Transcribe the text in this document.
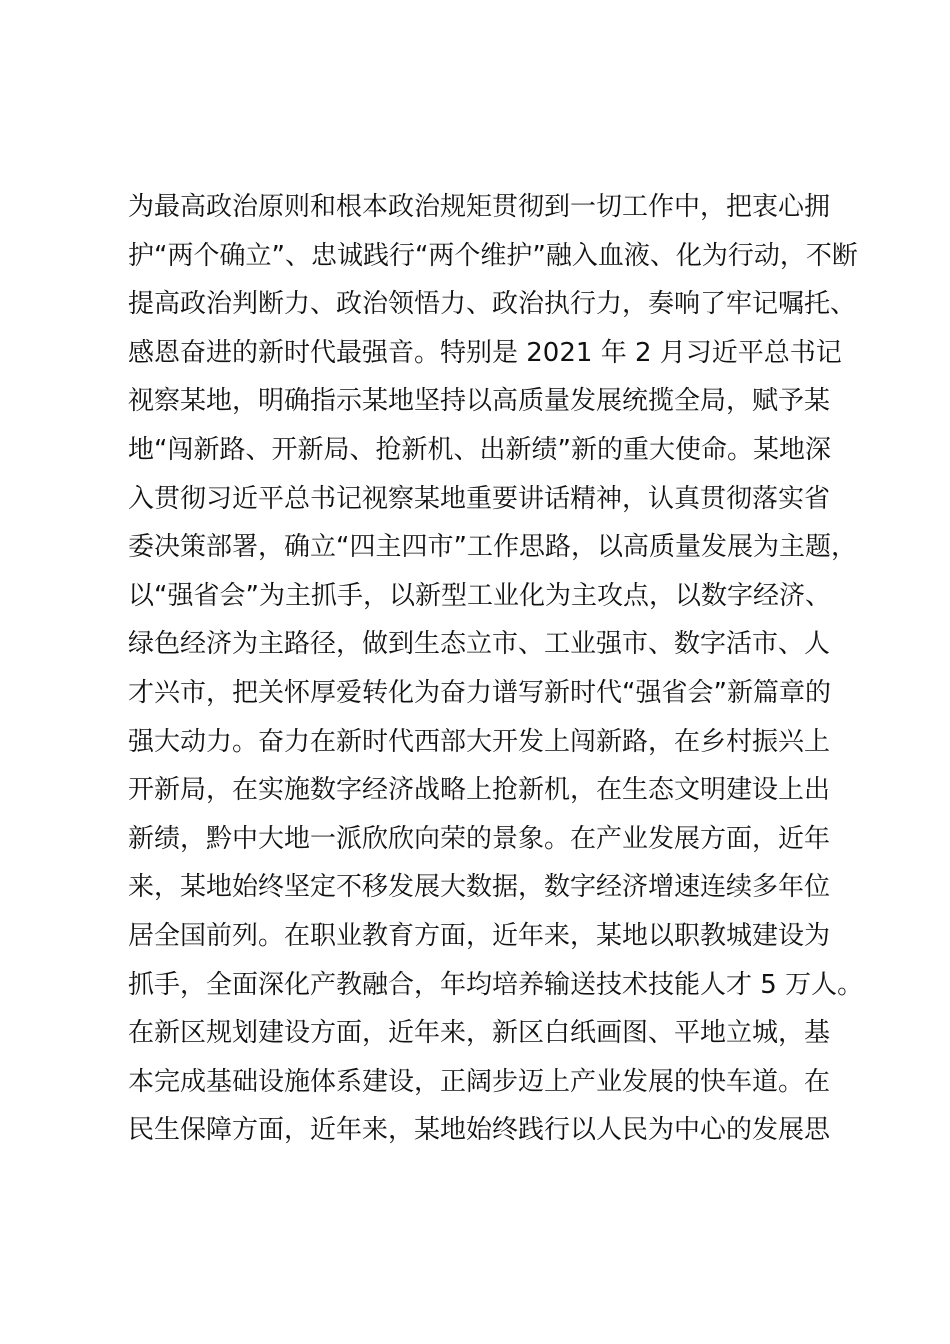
为最高政治原则和根本政治规矩贯彻到一切工作中，把衷心拥
护“两个确立”、忠诚践行“两个维护”融入血液、化为行动，不断
提高政治判断力、政治领悟力、政治执行力，奏响了牢记嘱托、
感恩奋进的新时代最强音。特别是 2021 年 2 月习近平总书记
视察某地，明确指示某地坚持以高质量发展统揽全局，赋予某
地“闯新路、开新局、抢新机、出新绩”新的重大使命。某地深
入贯彻习近平总书记视察某地重要讲话精神，认真贯彻落实省
委决策部署，确立“四主四市”工作思路，以高质量发展为主题，
以“强省会”为主抓手，以新型工业化为主攻点，以数字经济、
绿色经济为主路径，做到生态立市、工业强市、数字活市、人
才兴市，把关怀厚爱转化为奋力谱写新时代“强省会”新篇章的
强大动力。奋力在新时代西部大开发上闯新路，在乡村振兴上
开新局，在实施数字经济战略上抢新机，在生态文明建设上出
新绩，黔中大地一派欣欣向荣的景象。在产业发展方面，近年
来，某地始终坚定不移发展大数据，数字经济增速连续多年位
居全国前列。在职业教育方面，近年来，某地以职教城建设为
抓手，全面深化产教融合，年均培养输送技术技能人才 5 万人。
在新区规划建设方面，近年来，新区白纸画图、平地立城，基
本完成基础设施体系建设，正阔步迈上产业发展的快车道。在
民生保障方面，近年来，某地始终践行以人民为中心的发展思
